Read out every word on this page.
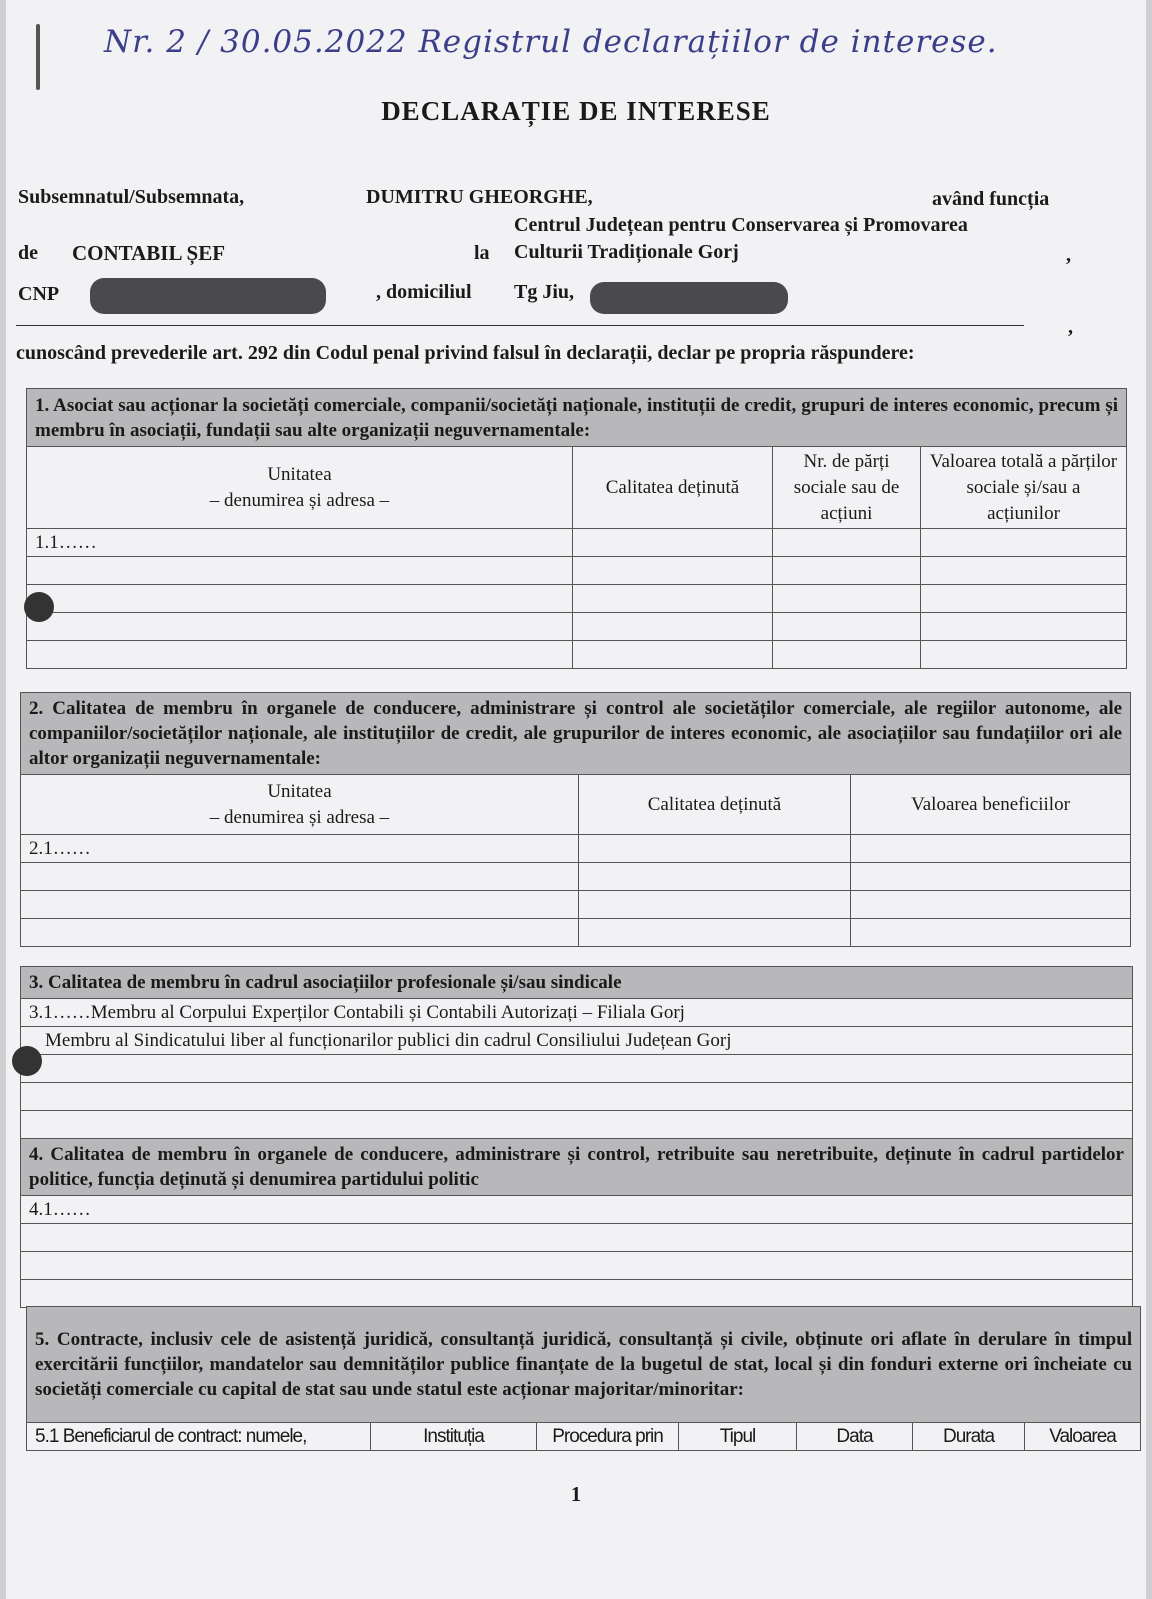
Nr. 2 / 30.05.2022 Registrul declarațiilor de interese.
DECLARAȚIE DE INTERESE
Subsemnatul/Subsemnata,	DUMITRU GHEORGHE,	având funcția
Centrul Județean pentru Conservarea și Promovarea
de CONTABIL ȘEF	la Culturii Tradiționale Gorj	,
CNP	, domiciliul Tg Jiu,
,
cunoscând prevederile art. 292 din Codul penal privind falsul în declarații, declar pe propria răspundere:
1. Asociat sau acționar la societăți comerciale, companii/societăți naționale, instituții de credit, grupuri de interes economic, precum și membru în asociații, fundații sau alte organizații neguvernamentale:			
Unitatea
– denumirea și adresa –	Calitatea deținută	Nr. de părți sociale sau de acțiuni	Valoarea totală a părților sociale și/sau a acțiunilor
1.1……			

2. Calitatea de membru în organele de conducere, administrare și control ale societăților comerciale, ale regiilor autonome, ale companiilor/societăților naționale, ale instituțiilor de credit, ale grupurilor de interes economic, ale asociațiilor sau fundațiilor ori ale altor organizații neguvernamentale:		
Unitatea
– denumirea și adresa –	Calitatea deținută	Valoarea beneficiilor
2.1……		

3. Calitatea de membru în cadrul asociațiilor profesionale și/sau sindicale
3.1……Membru al Corpului Experților Contabili și Contabili Autorizați – Filiala Gorj
Membru al Sindicatului liber al funcționarilor publici din cadrul Consiliului Județean Gorj

4. Calitatea de membru în organele de conducere, administrare și control, retribuite sau neretribuite, deținute în cadrul partidelor politice, funcția deținută și denumirea partidului politic
4.1……

5. Contracte, inclusiv cele de asistență juridică, consultanță juridică, consultanță și civile, obținute ori aflate în derulare în timpul exercitării funcțiilor, mandatelor sau demnităților publice finanțate de la bugetul de stat, local și din fonduri externe ori încheiate cu societăți comerciale cu capital de stat sau unde statul este acționar majoritar/minoritar:
5.1 Beneficiarul de contract: numele,	Instituția	Procedura prin	Tipul	Data	Durata	Valoarea
1
